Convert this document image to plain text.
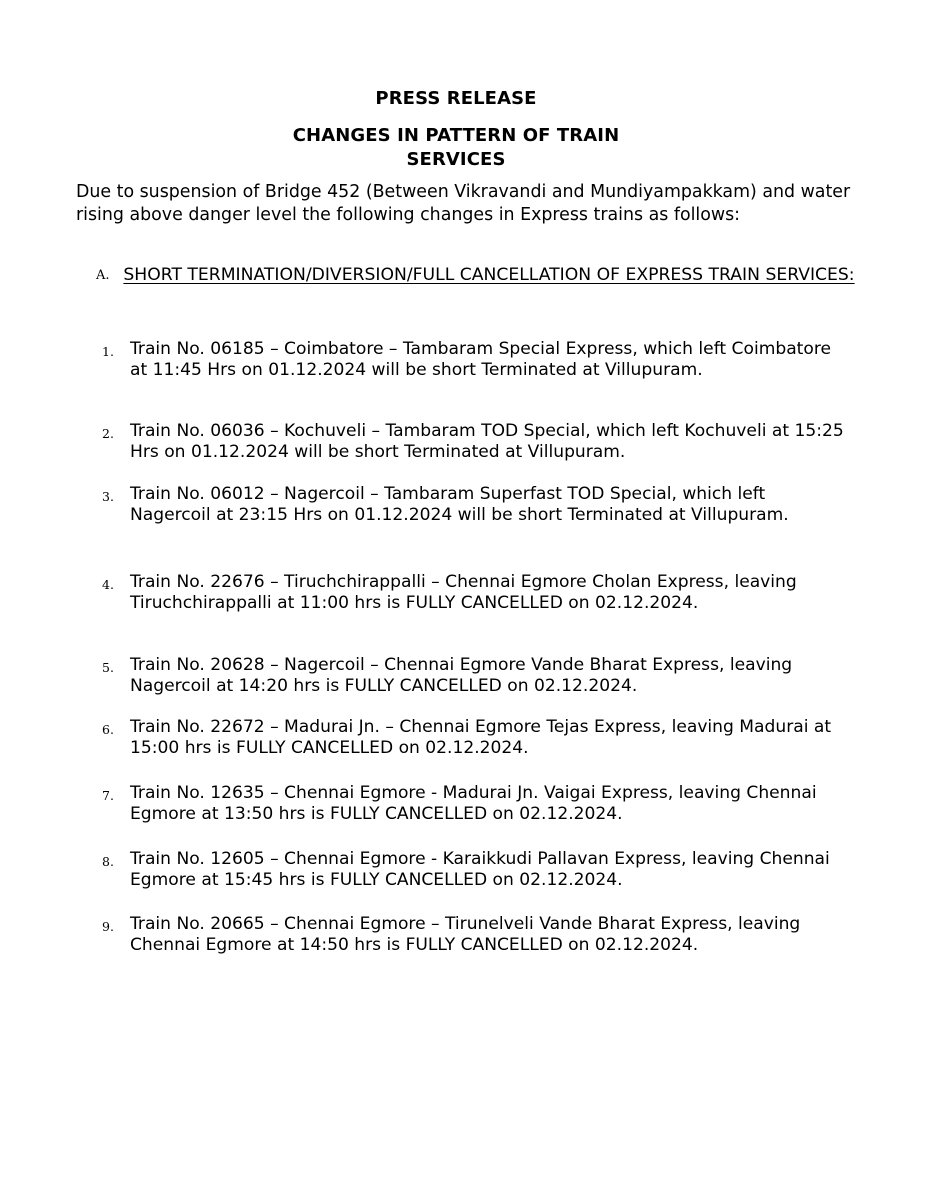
PRESS RELEASE
CHANGES IN PATTERN OF TRAIN
SERVICES
Due to suspension of Bridge 452 (Between Vikravandi and Mundiyampakkam) and water rising above danger level the following changes in Express trains as follows:
A. SHORT TERMINATION/DIVERSION/FULL CANCELLATION OF EXPRESS TRAIN SERVICES:
1. Train No. 06185 – Coimbatore – Tambaram Special Express, which left Coimbatore at 11:45 Hrs on 01.12.2024 will be short Terminated at Villupuram.
2. Train No. 06036 – Kochuveli – Tambaram TOD Special, which left Kochuveli at 15:25 Hrs on 01.12.2024 will be short Terminated at Villupuram.
3. Train No. 06012 – Nagercoil – Tambaram Superfast TOD Special, which left Nagercoil at 23:15 Hrs on 01.12.2024 will be short Terminated at Villupuram.
4. Train No. 22676 – Tiruchchirappalli – Chennai Egmore Cholan Express, leaving Tiruchchirappalli at 11:00 hrs is FULLY CANCELLED on 02.12.2024.
5. Train No. 20628 – Nagercoil – Chennai Egmore Vande Bharat Express, leaving Nagercoil at 14:20 hrs is FULLY CANCELLED on 02.12.2024.
6. Train No. 22672 – Madurai Jn. – Chennai Egmore Tejas Express, leaving Madurai at 15:00 hrs is FULLY CANCELLED on 02.12.2024.
7. Train No. 12635 – Chennai Egmore - Madurai Jn. Vaigai Express, leaving Chennai Egmore at 13:50 hrs is FULLY CANCELLED on 02.12.2024.
8. Train No. 12605 – Chennai Egmore - Karaikkudi Pallavan Express, leaving Chennai Egmore at 15:45 hrs is FULLY CANCELLED on 02.12.2024.
9. Train No. 20665 – Chennai Egmore – Tirunelveli Vande Bharat Express, leaving Chennai Egmore at 14:50 hrs is FULLY CANCELLED on 02.12.2024.
